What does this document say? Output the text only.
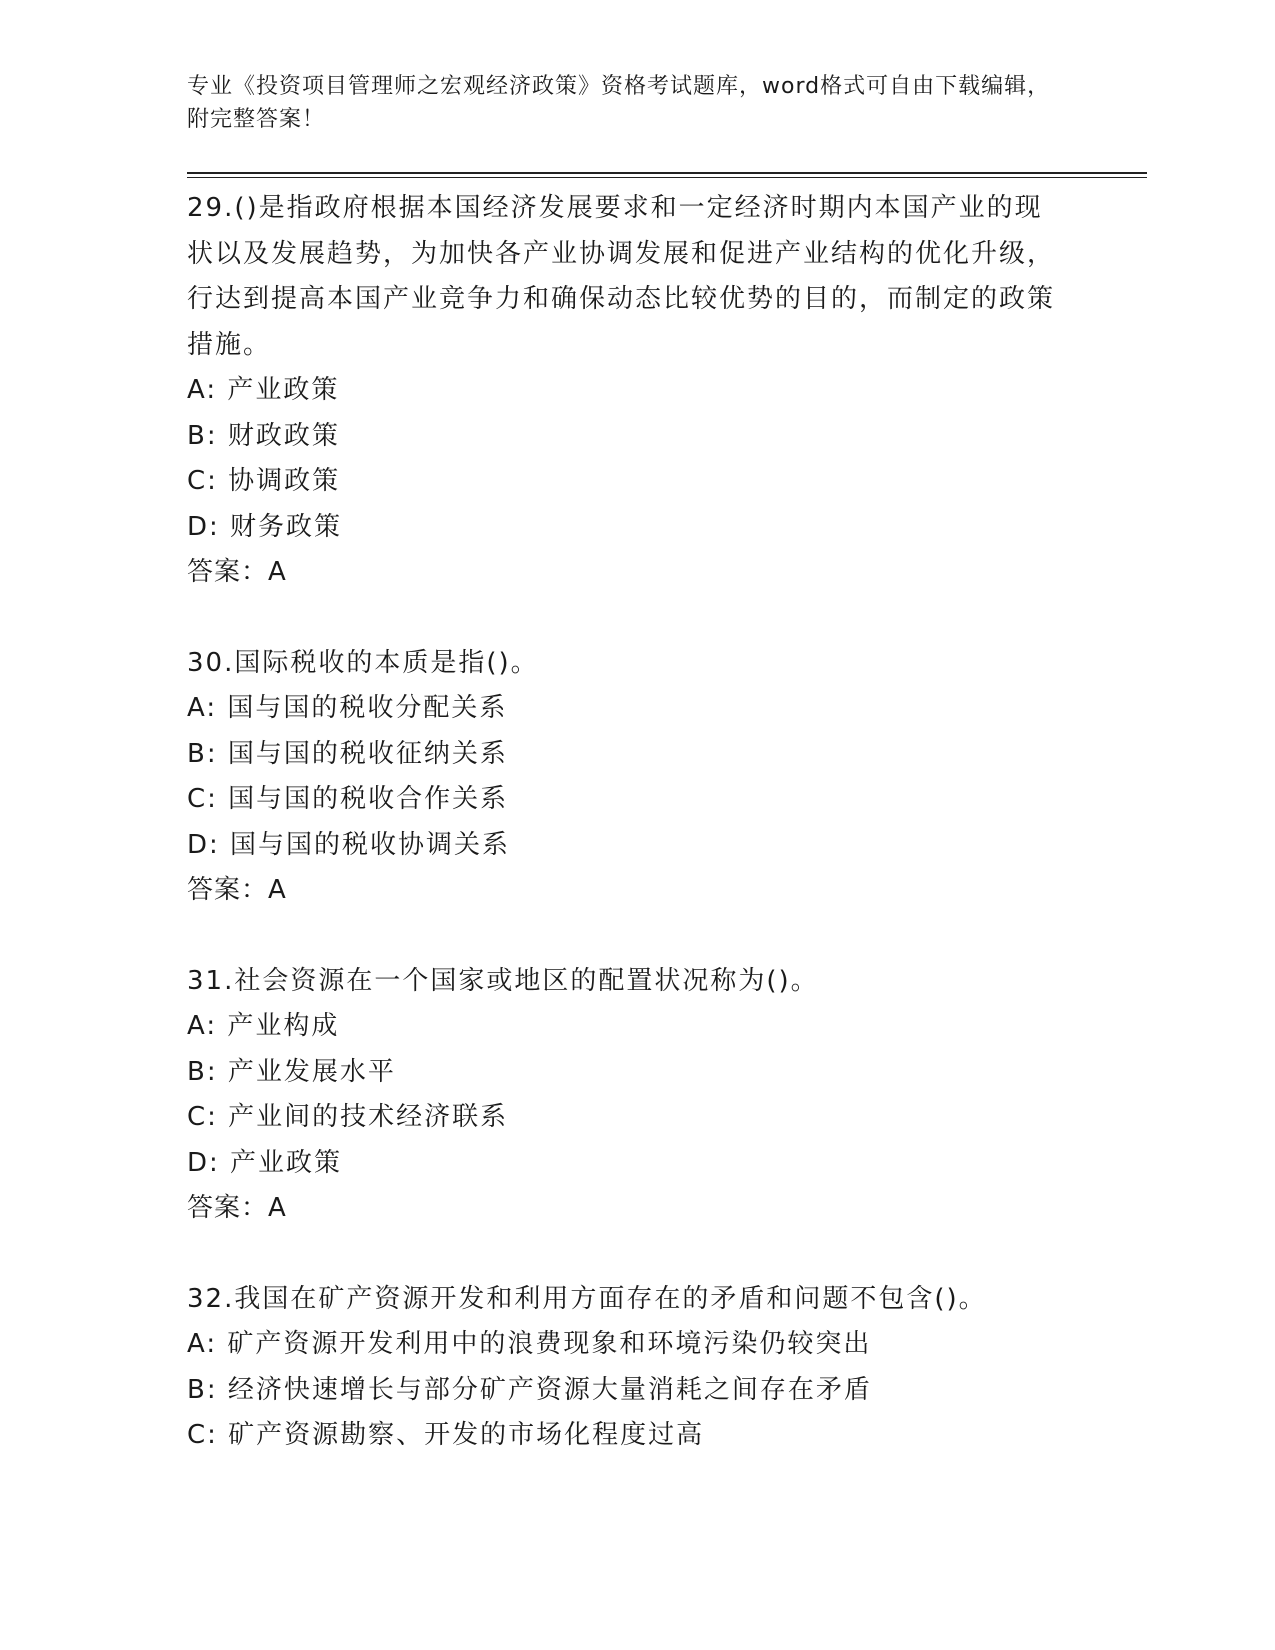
专业《投资项目管理师之宏观经济政策》资格考试题库，word格式可自由下载编辑，附完整答案！

29.()是指政府根据本国经济发展要求和一定经济时期内本国产业的现状以及发展趋势，为加快各产业协调发展和促进产业结构的优化升级，行达到提高本国产业竞争力和确保动态比较优势的目的，而制定的政策措施。

A: 产业政策

B: 财政政策

C: 协调政策

D: 财务政策

答案：A

30.国际税收的本质是指()。

A: 国与国的税收分配关系

B: 国与国的税收征纳关系

C: 国与国的税收合作关系

D: 国与国的税收协调关系

答案：A

31.社会资源在一个国家或地区的配置状况称为()。

A: 产业构成

B: 产业发展水平

C: 产业间的技术经济联系

D: 产业政策

答案：A

32.我国在矿产资源开发和利用方面存在的矛盾和问题不包含()。

A: 矿产资源开发利用中的浪费现象和环境污染仍较突出

B: 经济快速增长与部分矿产资源大量消耗之间存在矛盾

C: 矿产资源勘察、开发的市场化程度过高
